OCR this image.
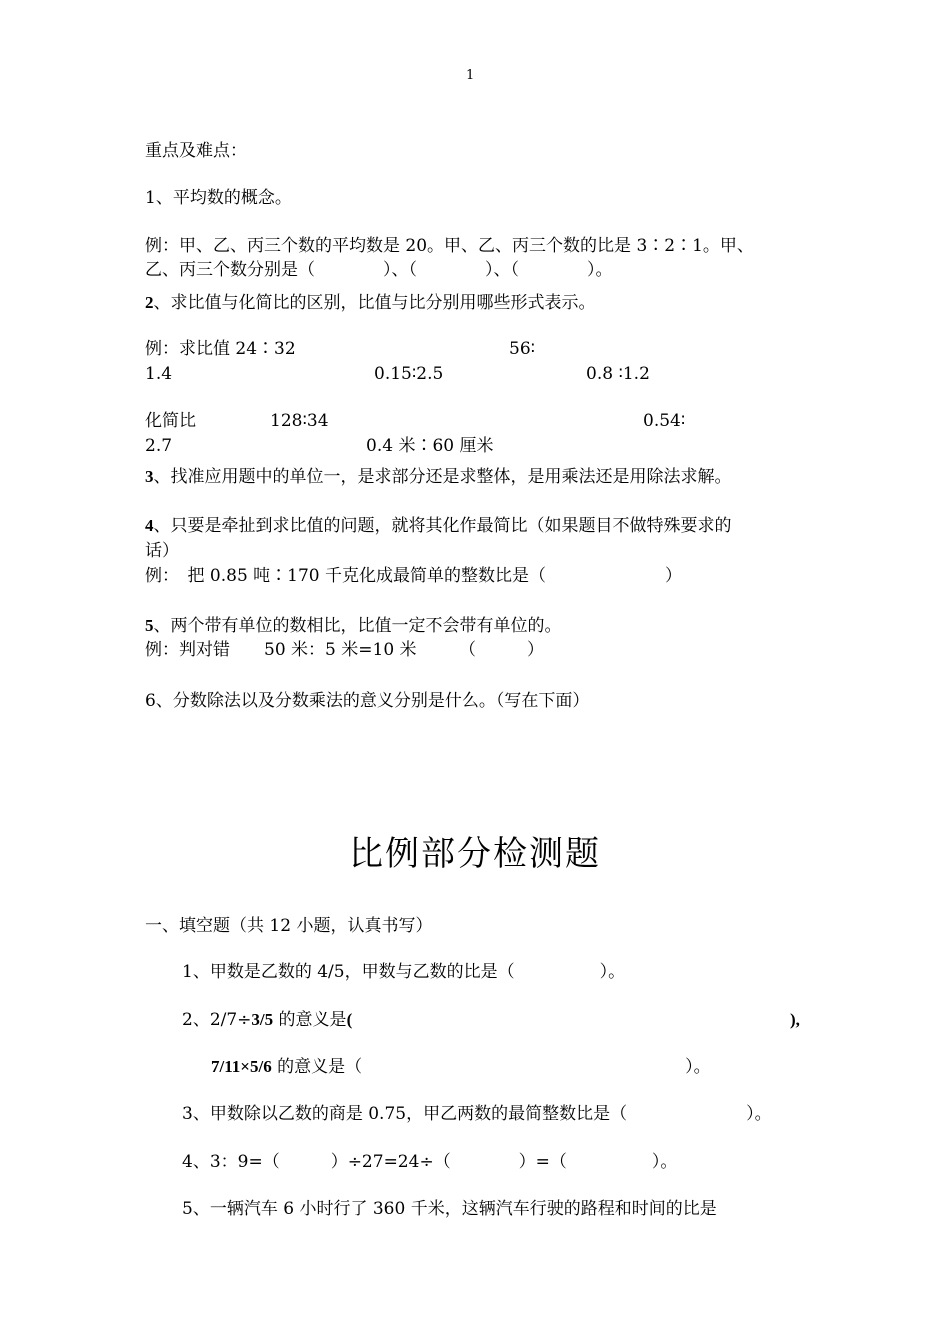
1
重点及难点：
1、平均数的概念。
例：甲、乙、丙三个数的平均数是 20。甲、乙、丙三个数的比是 3∶2∶1。甲、
乙、丙三个数分别是（　　　　）、（　　　　）、（　　　　）。
2、求比值与化简比的区别，比值与比分别用哪些形式表示。
例：求比值 24∶32	56∶
1.4	0.15∶2.5	0.8 ∶1.2
化简比	128∶34	0.54∶
2.7	0.4 米∶60 厘米
3、找准应用题中的单位一，是求部分还是求整体，是用乘法还是用除法求解。
4、只要是牵扯到求比值的问题，就将其化作最简比（如果题目不做特殊要求的
话）
例：　把 0.85 吨∶170 千克化成最简单的整数比是（　　　　　　　）
5、两个带有单位的数相比，比值一定不会带有单位的。
例：判对错　　50 米：5 米=10 米　　　（　　　）
6、分数除法以及分数乘法的意义分别是什么。（写在下面）
比例部分检测题
一、填空题（共 12 小题，认真书写）
1、甲数是乙数的 4/5，甲数与乙数的比是（　　　　　）。
2、2/7÷3/5 的意义是(	),
7/11×5/6 的意义是（　　　　　　　　　　　　　　　　　　　）。
3、甲数除以乙数的商是 0.75，甲乙两数的最简整数比是（　　　　　　　）。
4、3：9=（　　　）÷27=24÷（　　　　）=（　　　　　）。
5、一辆汽车 6 小时行了 360 千米，这辆汽车行驶的路程和时间的比是
